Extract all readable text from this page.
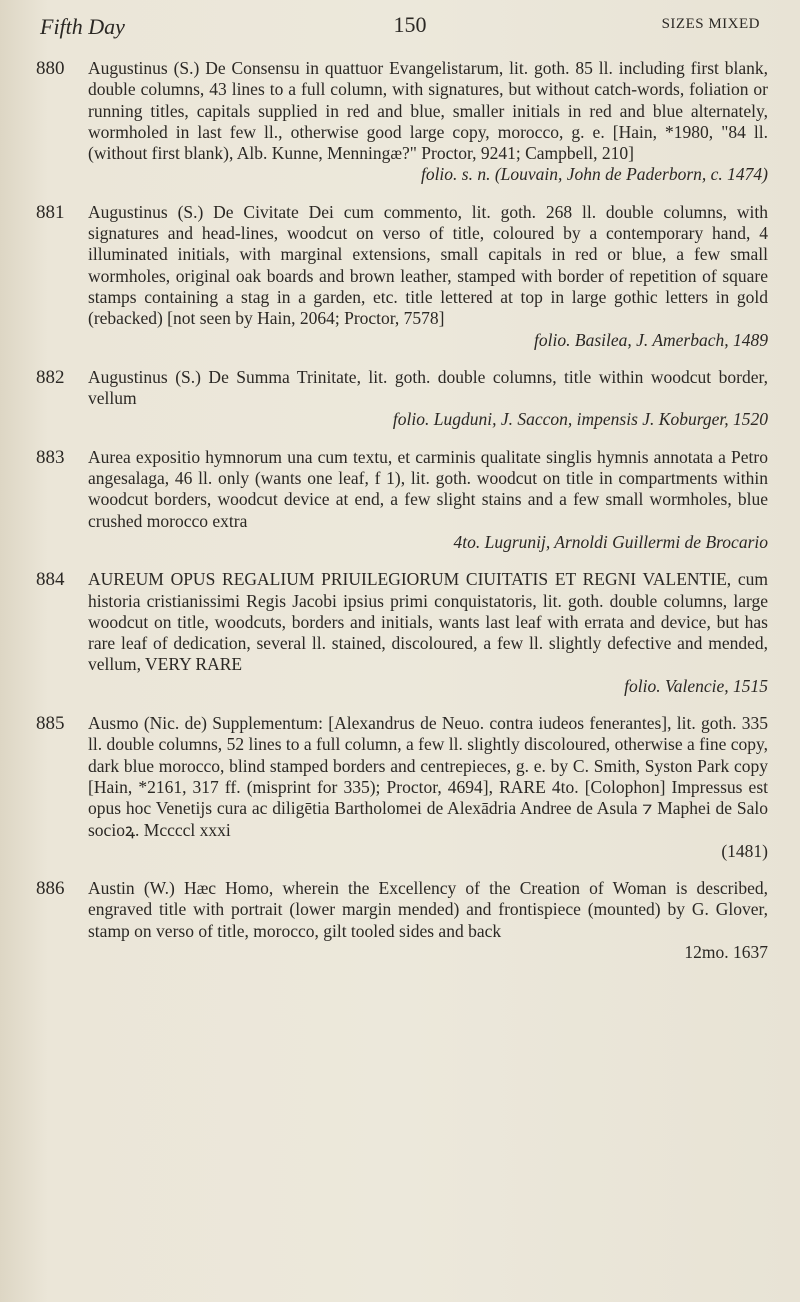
Fifth Day	150	SIZES MIXED
880	Augustinus (S.) De Consensu in quattuor Evangelistarum, lit. goth. 85 ll. including first blank, double columns, 43 lines to a full column, with signatures, but without catch-words, foliation or running titles, capitals supplied in red and blue, smaller initials in red and blue alternately, wormholed in last few ll., otherwise good large copy, morocco, g. e. [Hain, *1980, "84 ll. (without first blank), Alb. Kunne, Menningæ?" Proctor, 9241; Campbell, 210]
folio. s. n. (Louvain, John de Paderborn, c. 1474)
881	Augustinus (S.) De Civitate Dei cum commento, lit. goth. 268 ll. double columns, with signatures and head-lines, woodcut on verso of title, coloured by a contemporary hand, 4 illuminated initials, with marginal extensions, small capitals in red or blue, a few small wormholes, original oak boards and brown leather, stamped with border of repetition of square stamps containing a stag in a garden, etc. title lettered at top in large gothic letters in gold (rebacked) [not seen by Hain, 2064; Proctor, 7578]
folio. Basilea, J. Amerbach, 1489
882	Augustinus (S.) De Summa Trinitate, lit. goth. double columns, title within woodcut border, vellum
folio. Lugduni, J. Saccon, impensis J. Koburger, 1520
883	Aurea expositio hymnorum una cum textu, et carminis qualitate singlis hymnis annotata a Petro angesalaga, 46 ll. only (wants one leaf, f 1), lit. goth. woodcut on title in compartments within woodcut borders, woodcut device at end, a few slight stains and a few small wormholes, blue crushed morocco extra
4to. Lugrunij, Arnoldi Guillermi de Brocario
884	AUREUM OPUS REGALIUM PRIUILEGIORUM CIUITATIS ET REGNI VALENTIE, cum historia cristianissimi Regis Jacobi ipsius primi conquistatoris, lit. goth. double columns, large woodcut on title, woodcuts, borders and initials, wants last leaf with errata and device, but has rare leaf of dedication, several ll. stained, discoloured, a few ll. slightly defective and mended, vellum, VERY RARE
folio. Valencie, 1515
885	Ausmo (Nic. de) Supplementum: [Alexandrus de Neuo. contra iudeos fenerantes], lit. goth. 335 ll. double columns, 52 lines to a full column, a few ll. slightly discoloured, otherwise a fine copy, dark blue morocco, blind stamped borders and centrepieces, g. e. by C. Smith, Syston Park copy [Hain, *2161, 317 ff. (misprint for 335); Proctor, 4694], RARE 4to. [Colophon] Impressus est opus hoc Venetijs cura ac diligētia Bartholomei de Alexādria Andree de Asula ⁊ Maphei de Salo socioꝝ. Mccccl xxxi
(1481)
886	Austin (W.) Hæc Homo, wherein the Excellency of the Creation of Woman is described, engraved title with portrait (lower margin mended) and frontispiece (mounted) by G. Glover, stamp on verso of title, morocco, gilt tooled sides and back
12mo. 1637
